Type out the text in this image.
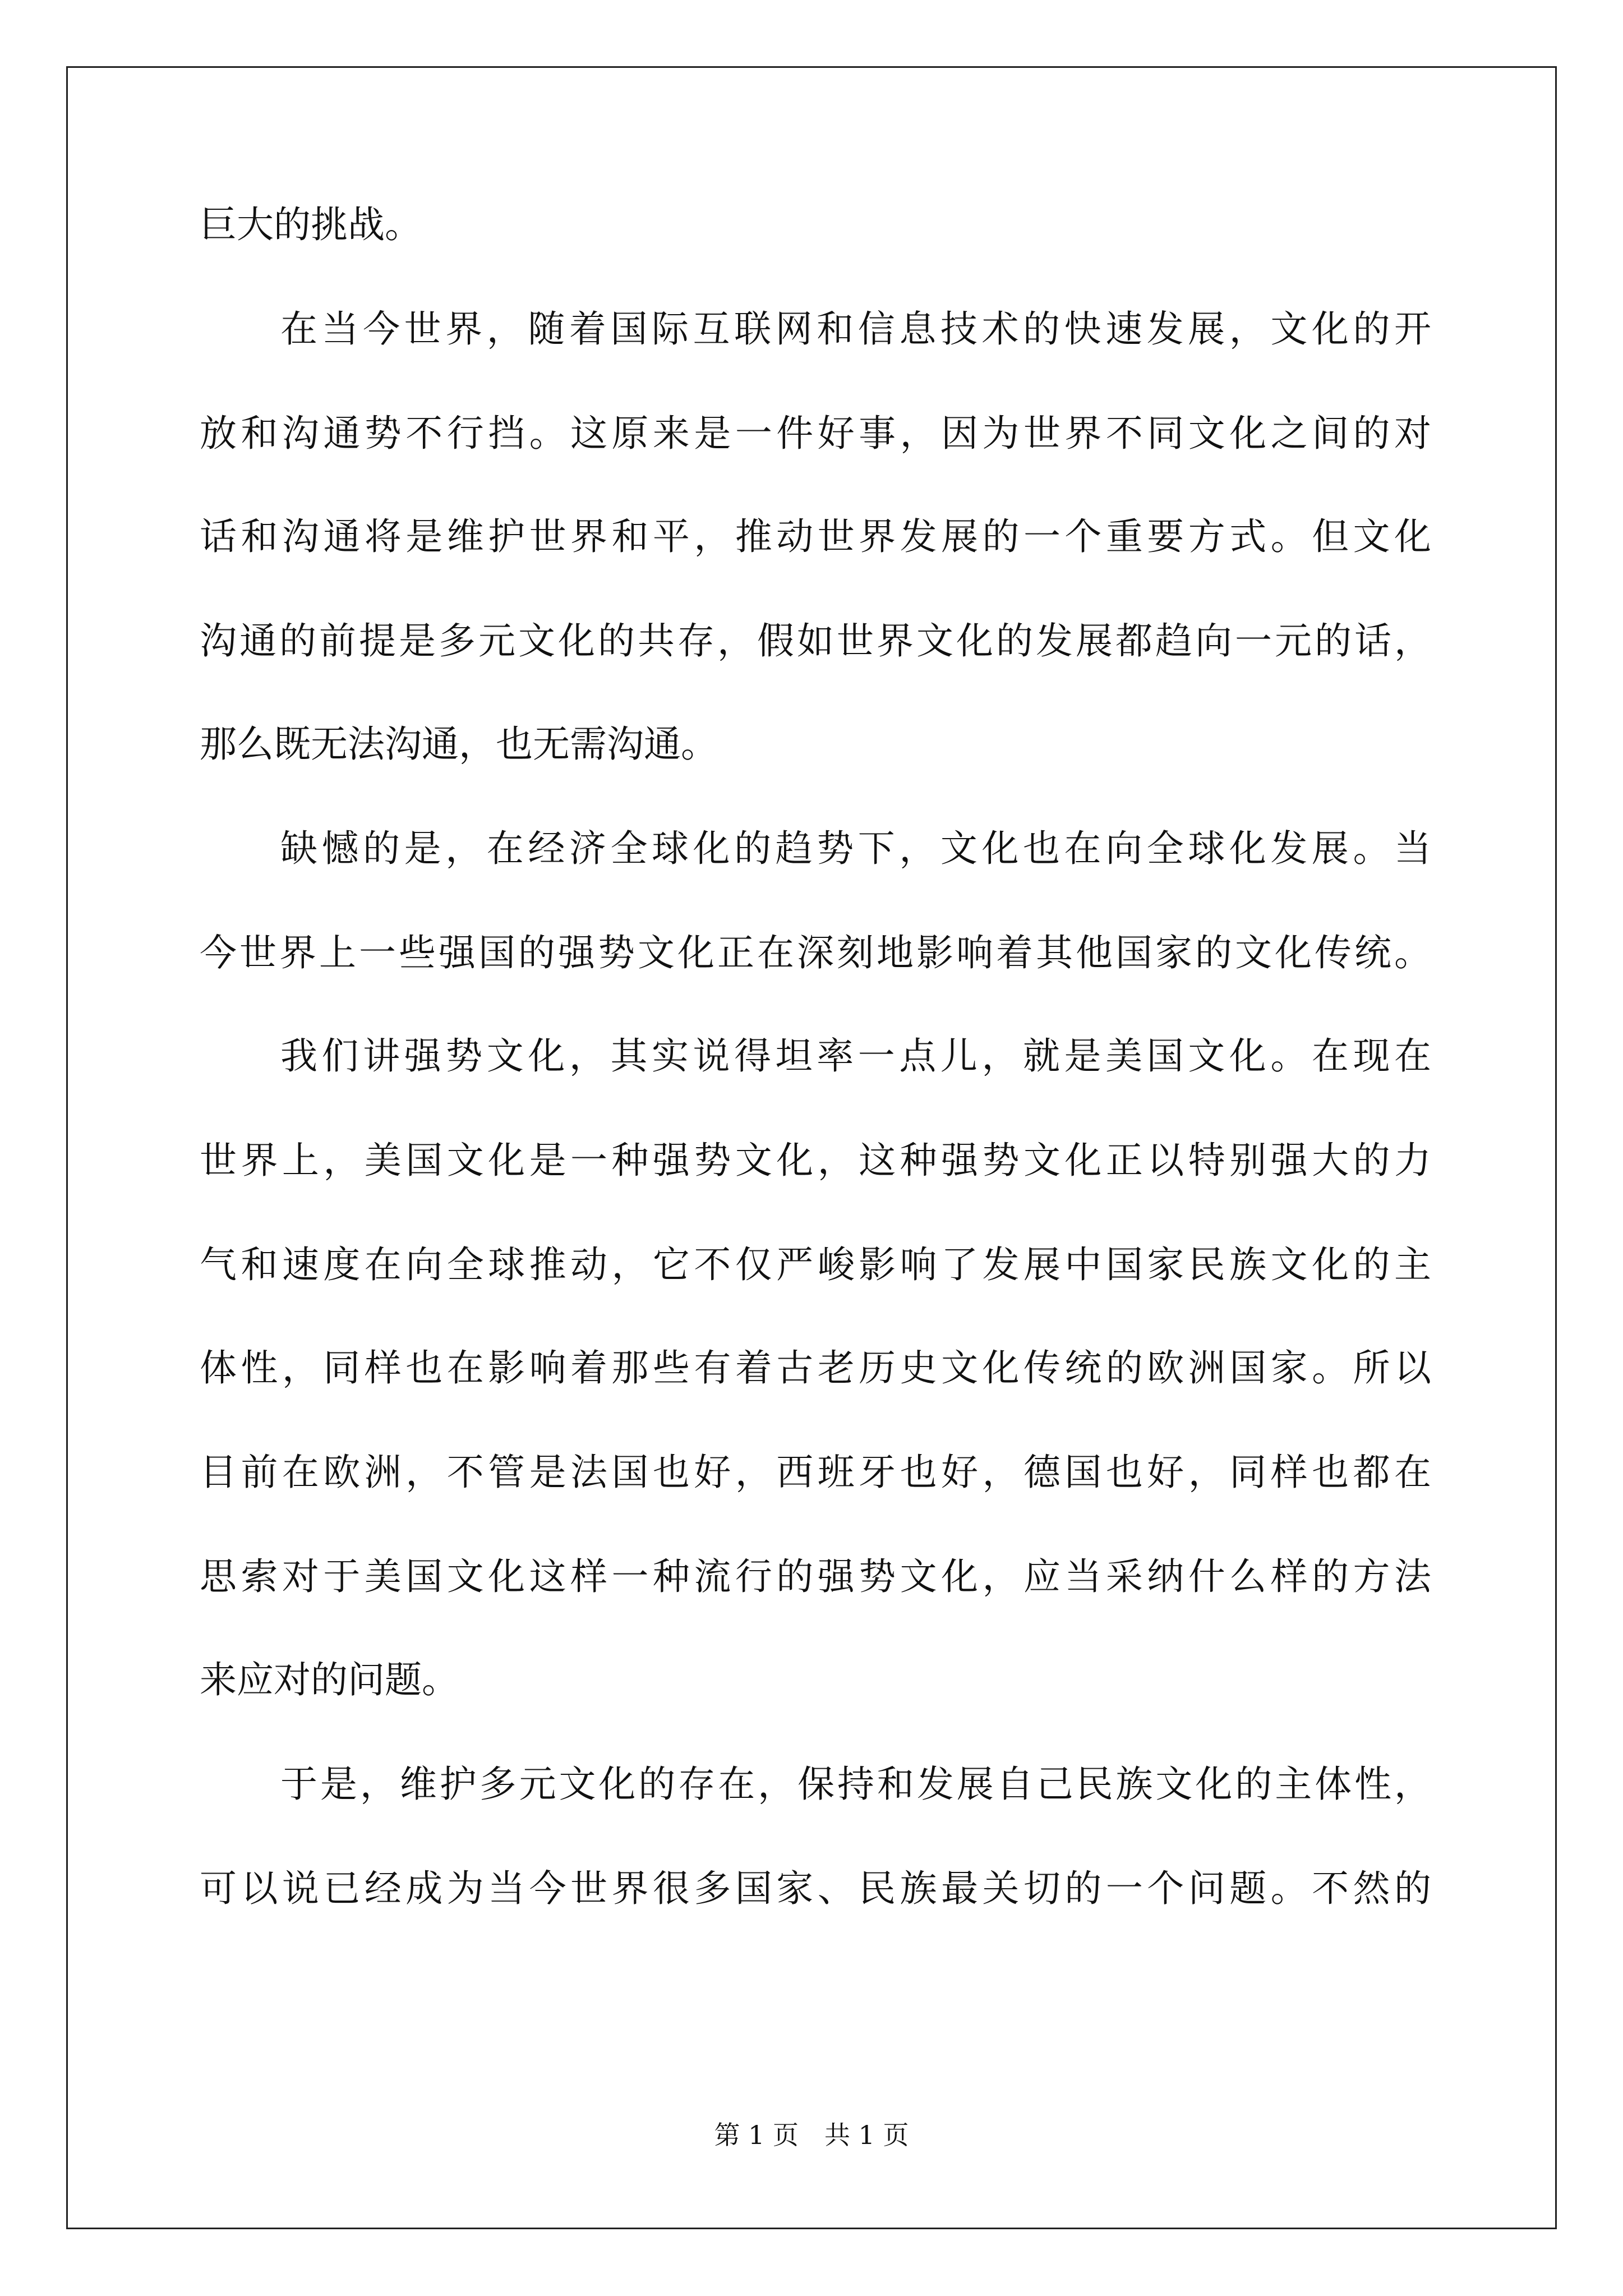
巨大的挑战。
在当今世界，随着国际互联网和信息技术的快速发展，文化的开
放和沟通势不行挡。这原来是一件好事，因为世界不同文化之间的对
话和沟通将是维护世界和平，推动世界发展的一个重要方式。但文化
沟通的前提是多元文化的共存，假如世界文化的发展都趋向一元的话，
那么既无法沟通，也无需沟通。
缺憾的是，在经济全球化的趋势下，文化也在向全球化发展。当
今世界上一些强国的强势文化正在深刻地影响着其他国家的文化传统。
我们讲强势文化，其实说得坦率一点儿，就是美国文化。在现在
世界上，美国文化是一种强势文化，这种强势文化正以特别强大的力
气和速度在向全球推动，它不仅严峻影响了发展中国家民族文化的主
体性，同样也在影响着那些有着古老历史文化传统的欧洲国家。所以
目前在欧洲，不管是法国也好，西班牙也好，德国也好，同样也都在
思索对于美国文化这样一种流行的强势文化，应当采纳什么样的方法
来应对的问题。
于是，维护多元文化的存在，保持和发展自己民族文化的主体性，
可以说已经成为当今世界很多国家、民族最关切的一个问题。不然的
第 1 页　共 1 页
